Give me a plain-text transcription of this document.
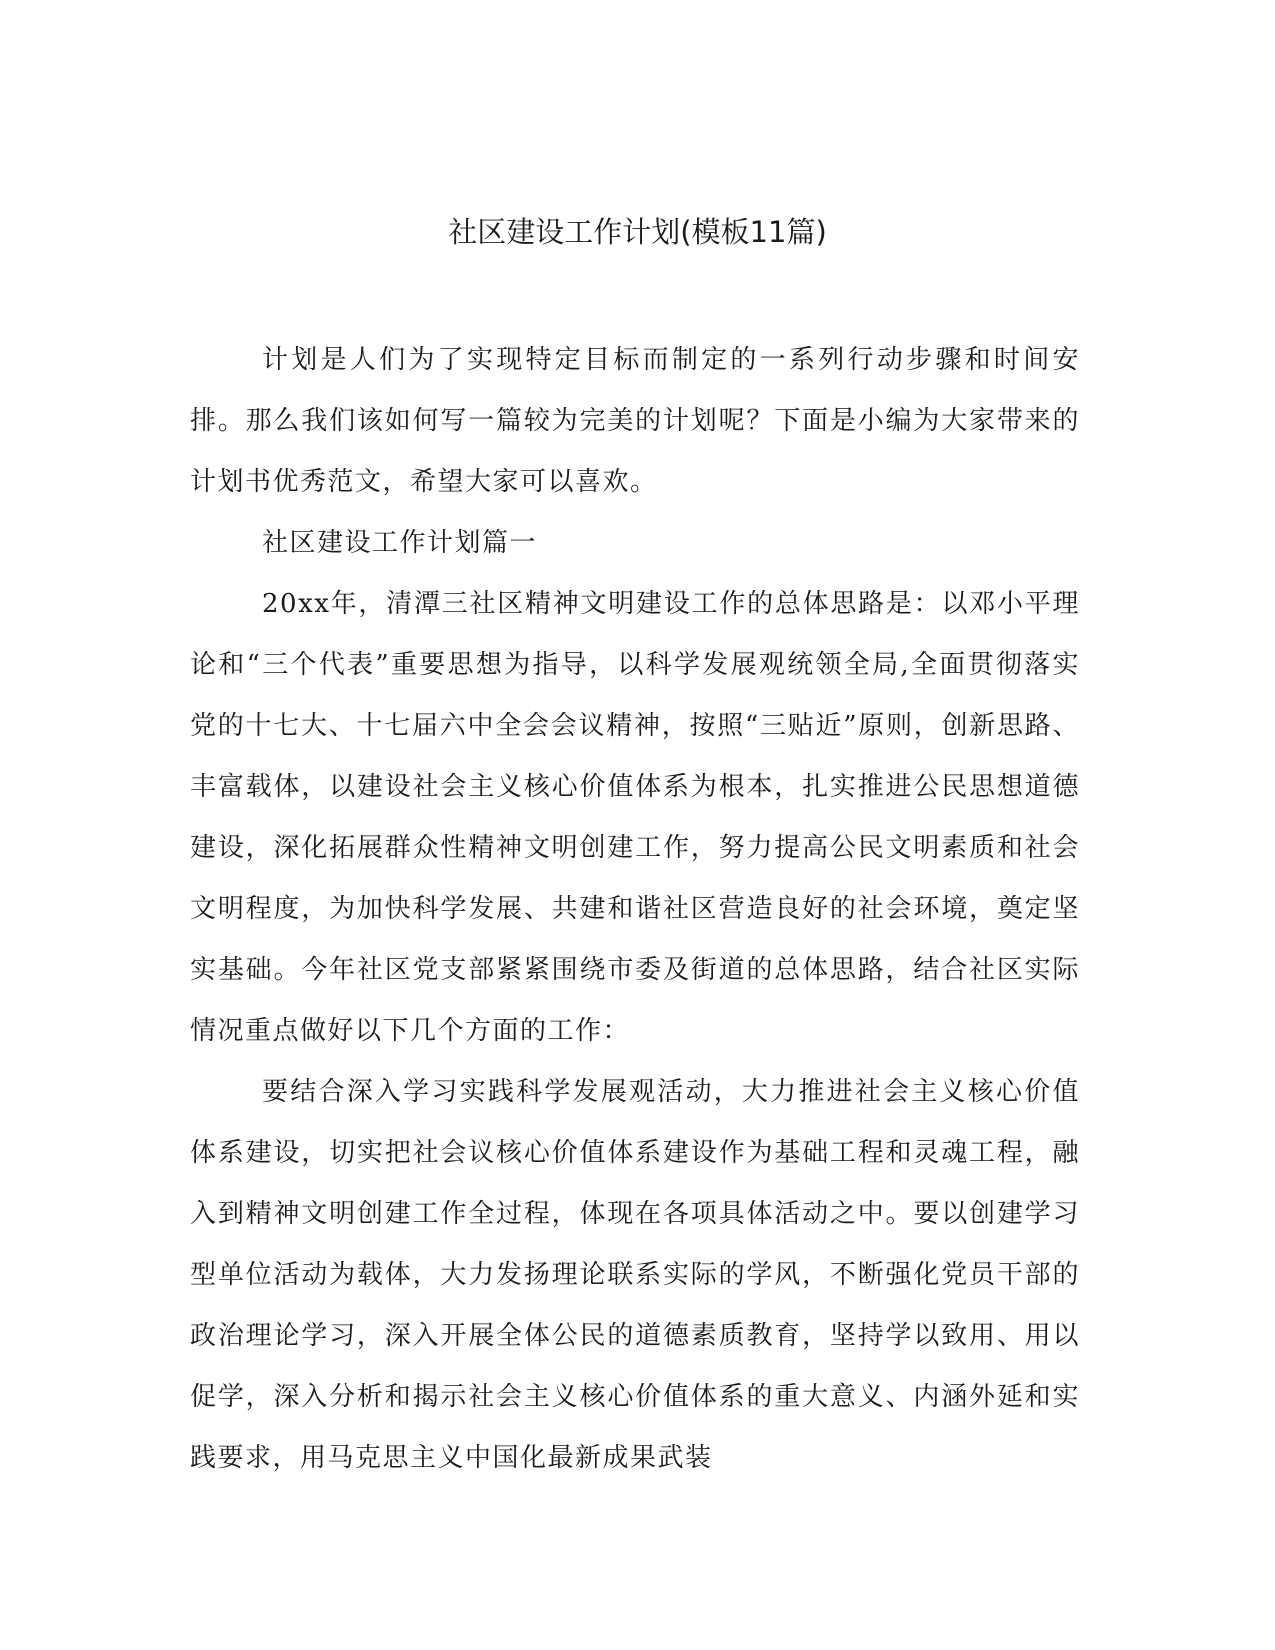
社区建设工作计划(模板11篇)

计划是人们为了实现特定目标而制定的一系列行动步骤和时间安排。那么我们该如何写一篇较为完美的计划呢？下面是小编为大家带来的计划书优秀范文，希望大家可以喜欢。

社区建设工作计划篇一

20xx年，清潭三社区精神文明建设工作的总体思路是：以邓小平理论和“三个代表”重要思想为指导，以科学发展观统领全局,全面贯彻落实党的十七大、十七届六中全会会议精神，按照“三贴近”原则，创新思路、丰富载体，以建设社会主义核心价值体系为根本，扎实推进公民思想道德建设，深化拓展群众性精神文明创建工作，努力提高公民文明素质和社会文明程度，为加快科学发展、共建和谐社区营造良好的社会环境，奠定坚实基础。今年社区党支部紧紧围绕市委及街道的总体思路，结合社区实际情况重点做好以下几个方面的工作：

要结合深入学习实践科学发展观活动，大力推进社会主义核心价值体系建设，切实把社会议核心价值体系建设作为基础工程和灵魂工程，融入到精神文明创建工作全过程，体现在各项具体活动之中。要以创建学习型单位活动为载体，大力发扬理论联系实际的学风，不断强化党员干部的政治理论学习，深入开展全体公民的道德素质教育，坚持学以致用、用以促学，深入分析和揭示社会主义核心价值体系的重大意义、内涵外延和实践要求，用马克思主义中国化最新成果武装
